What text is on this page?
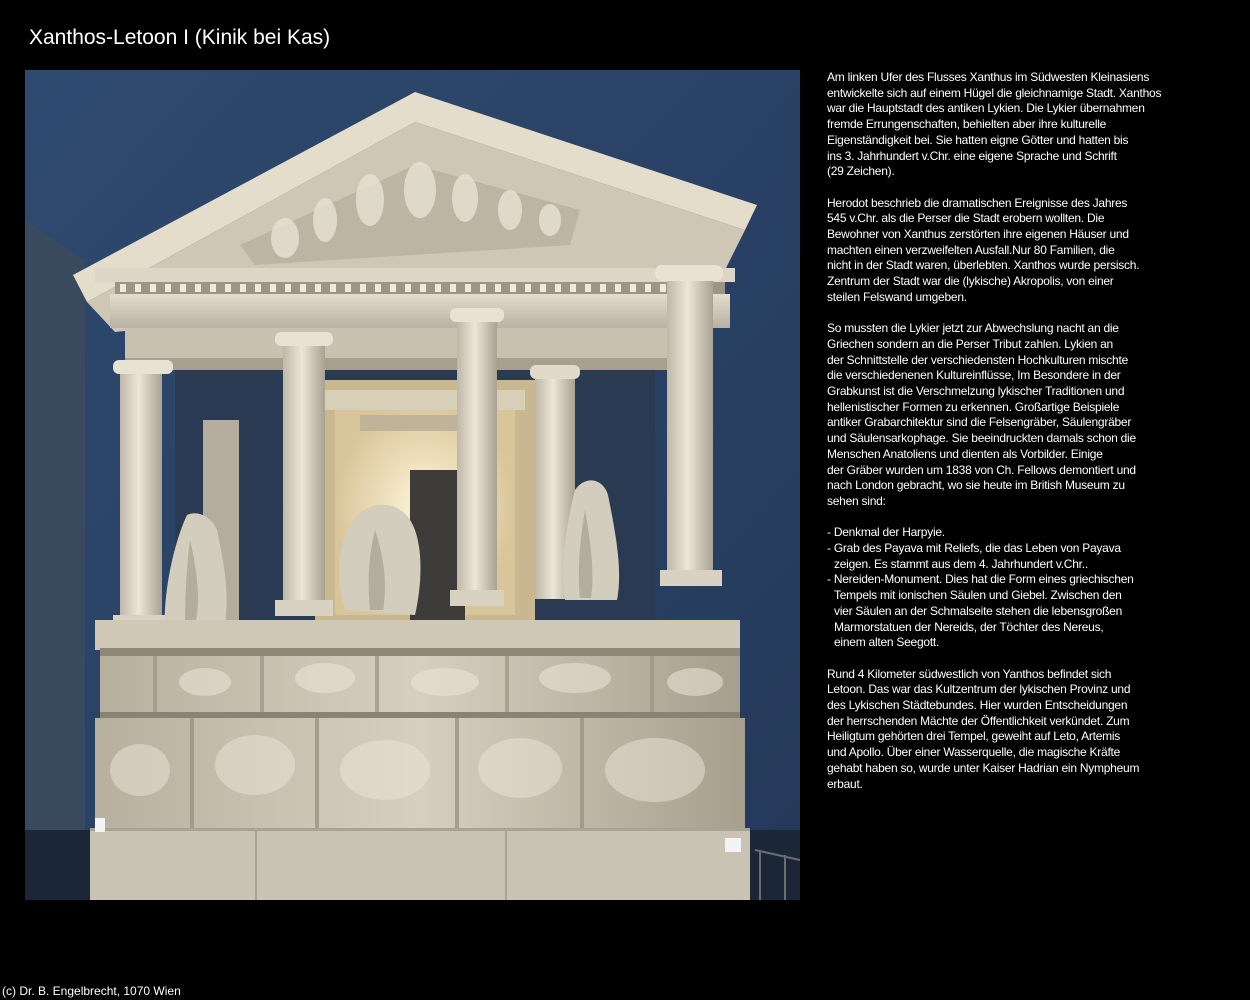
Xanthos-Letoon I (Kinik bei Kas)

Am linken Ufer des Flusses Xanthus im Südwesten Kleinasiens
entwickelte sich auf einem Hügel die gleichnamige Stadt. Xanthos
war die Hauptstadt des antiken Lykien. Die Lykier übernahmen
fremde Errungenschaften, behielten aber ihre kulturelle
Eigenständigkeit bei. Sie hatten eigne Götter und hatten bis
ins 3. Jahrhundert v.Chr. eine eigene Sprache und Schrift
(29 Zeichen).

Herodot beschrieb die dramatischen Ereignisse des Jahres
545 v.Chr. als die Perser die Stadt erobern wollten. Die
Bewohner von Xanthus zerstörten ihre eigenen Häuser und
machten einen verzweifelten Ausfall.Nur 80 Familien, die
nicht in der Stadt waren, überlebten. Xanthos wurde persisch.
Zentrum der Stadt war die (lykische) Akropolis, von einer
steilen Felswand umgeben.

So mussten die Lykier jetzt zur Abwechslung nacht an die
Griechen sondern an die Perser Tribut zahlen. Lykien an
der Schnittstelle der verschiedensten Hochkulturen mischte
die verschiedenenen Kultureinflüsse, Im Besondere in der
Grabkunst ist die Verschmelzung lykischer Traditionen und
hellenistischer Formen zu erkennen. Großartige Beispiele
antiker Grabarchitektur sind die Felsengräber, Säulengräber
und Säulensarkophage. Sie beeindruckten damals schon die
Menschen Anatoliens und dienten als Vorbilder. Einige
der Gräber wurden um 1838 von Ch. Fellows demontiert und
nach London gebracht, wo sie heute im British Museum zu
sehen sind:

- Denkmal der Harpyie.
- Grab des Payava mit Reliefs, die das Leben von Payava
zeigen. Es stammt aus dem 4. Jahrhundert v.Chr..
- Nereiden-Monument. Dies hat die Form eines griechischen
Tempels mit ionischen Säulen und Giebel. Zwischen den
vier Säulen an der Schmalseite stehen die lebensgroßen
Marmorstatuen der Nereids, der Töchter des Nereus,
einem alten Seegott.

Rund 4 Kilometer südwestlich von Yanthos befindet sich
Letoon. Das war das Kultzentrum der lykischen Provinz und
des Lykischen Städtebundes. Hier wurden Entscheidungen
der herrschenden Mächte der Öffentlichkeit verkündet. Zum
Heiligtum gehörten drei Tempel, geweiht auf Leto, Artemis
und Apollo. Über einer Wasserquelle, die magische Kräfte
gehabt haben so, wurde unter Kaiser Hadrian ein Nympheum
erbaut.

(c) Dr. B. Engelbrecht, 1070 Wien
